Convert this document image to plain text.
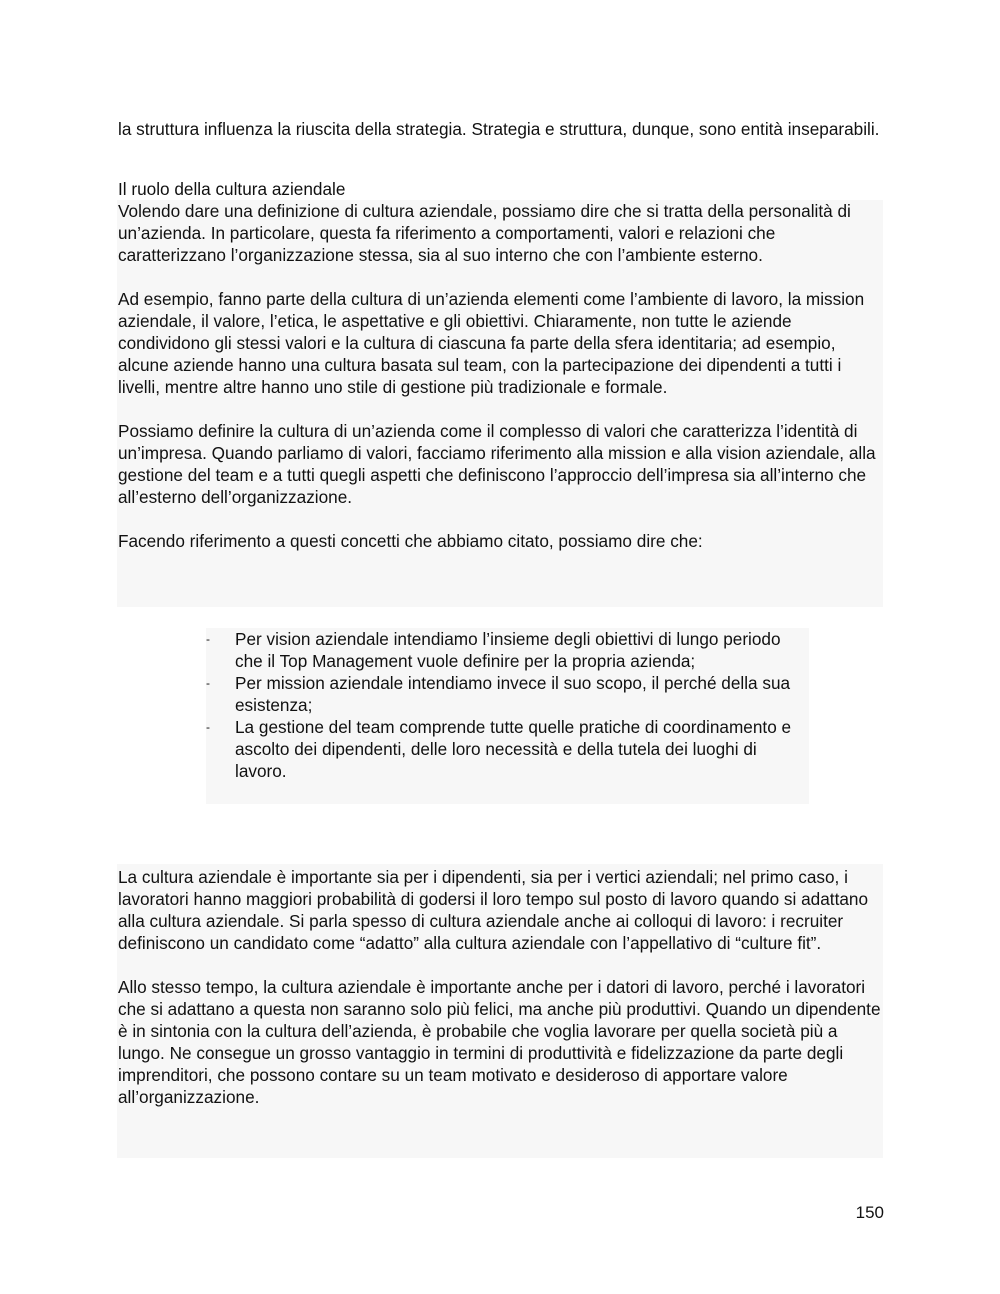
la struttura influenza la riuscita della strategia. Strategia e struttura, dunque, sono entità inseparabili.

Il ruolo della cultura aziendale

Volendo dare una definizione di cultura aziendale, possiamo dire che si tratta della personalità di un’azienda. In particolare, questa fa riferimento a comportamenti, valori e relazioni che caratterizzano l’organizzazione stessa, sia al suo interno che con l’ambiente esterno.

Ad esempio, fanno parte della cultura di un’azienda elementi come l’ambiente di lavoro, la mission aziendale, il valore, l’etica, le aspettative e gli obiettivi. Chiaramente, non tutte le aziende condividono gli stessi valori e la cultura di ciascuna fa parte della sfera identitaria; ad esempio, alcune aziende hanno una cultura basata sul team, con la partecipazione dei dipendenti a tutti i livelli, mentre altre hanno uno stile di gestione più tradizionale e formale.

Possiamo definire la cultura di un’azienda come il complesso di valori che caratterizza l’identità di un’impresa. Quando parliamo di valori, facciamo riferimento alla mission e alla vision aziendale, alla gestione del team e a tutti quegli aspetti che definiscono l’approccio dell’impresa sia all’interno che all’esterno dell’organizzazione.

Facendo riferimento a questi concetti che abbiamo citato, possiamo dire che:

- Per vision aziendale intendiamo l’insieme degli obiettivi di lungo periodo che il Top Management vuole definire per la propria azienda;
- Per mission aziendale intendiamo invece il suo scopo, il perché della sua esistenza;
- La gestione del team comprende tutte quelle pratiche di coordinamento e ascolto dei dipendenti, delle loro necessità e della tutela dei luoghi di lavoro.

La cultura aziendale è importante sia per i dipendenti, sia per i vertici aziendali; nel primo caso, i lavoratori hanno maggiori probabilità di godersi il loro tempo sul posto di lavoro quando si adattano alla cultura aziendale. Si parla spesso di cultura aziendale anche ai colloqui di lavoro: i recruiter definiscono un candidato come “adatto” alla cultura aziendale con l’appellativo di “culture fit”.

Allo stesso tempo, la cultura aziendale è importante anche per i datori di lavoro, perché i lavoratori che si adattano a questa non saranno solo più felici, ma anche più produttivi. Quando un dipendente è in sintonia con la cultura dell’azienda, è probabile che voglia lavorare per quella società più a lungo. Ne consegue un grosso vantaggio in termini di produttività e fidelizzazione da parte degli imprenditori, che possono contare su un team motivato e desideroso di apportare valore all’organizzazione.

150
